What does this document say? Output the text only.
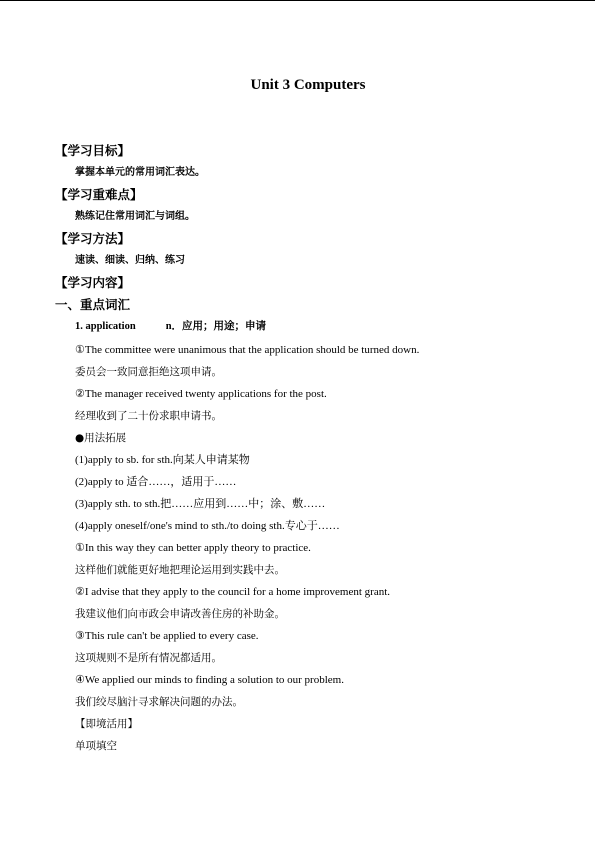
Unit 3 Computers
【学习目标】
掌握本单元的常用词汇表达。
【学习重难点】
熟练记住常用词汇与词组。
【学习方法】
速读、细读、归纳、练习
【学习内容】
一、重点词汇
1. application	n．应用；用途；申请
①The committee were unanimous that the application should be turned down.
委员会一致同意拒绝这项申请。
②The manager received twenty applications for the post.
经理收到了二十份求职申请书。
●用法拓展
(1)apply to sb. for sth.向某人申请某物
(2)apply to 适合……，适用于……
(3)apply sth. to sth.把……应用到……中；涂、敷……
(4)apply oneself/one's mind to sth./to doing sth.专心于……
①In this way they can better apply theory to practice.
这样他们就能更好地把理论运用到实践中去。
②I advise that they apply to the council for a home improvement grant.
我建议他们向市政会申请改善住房的补助金。
③This rule can't be applied to every case.
这项规则不是所有情况都适用。
④We applied our minds to finding a solution to our problem.
我们绞尽脑汁寻求解决问题的办法。
【即境活用】
单项填空
